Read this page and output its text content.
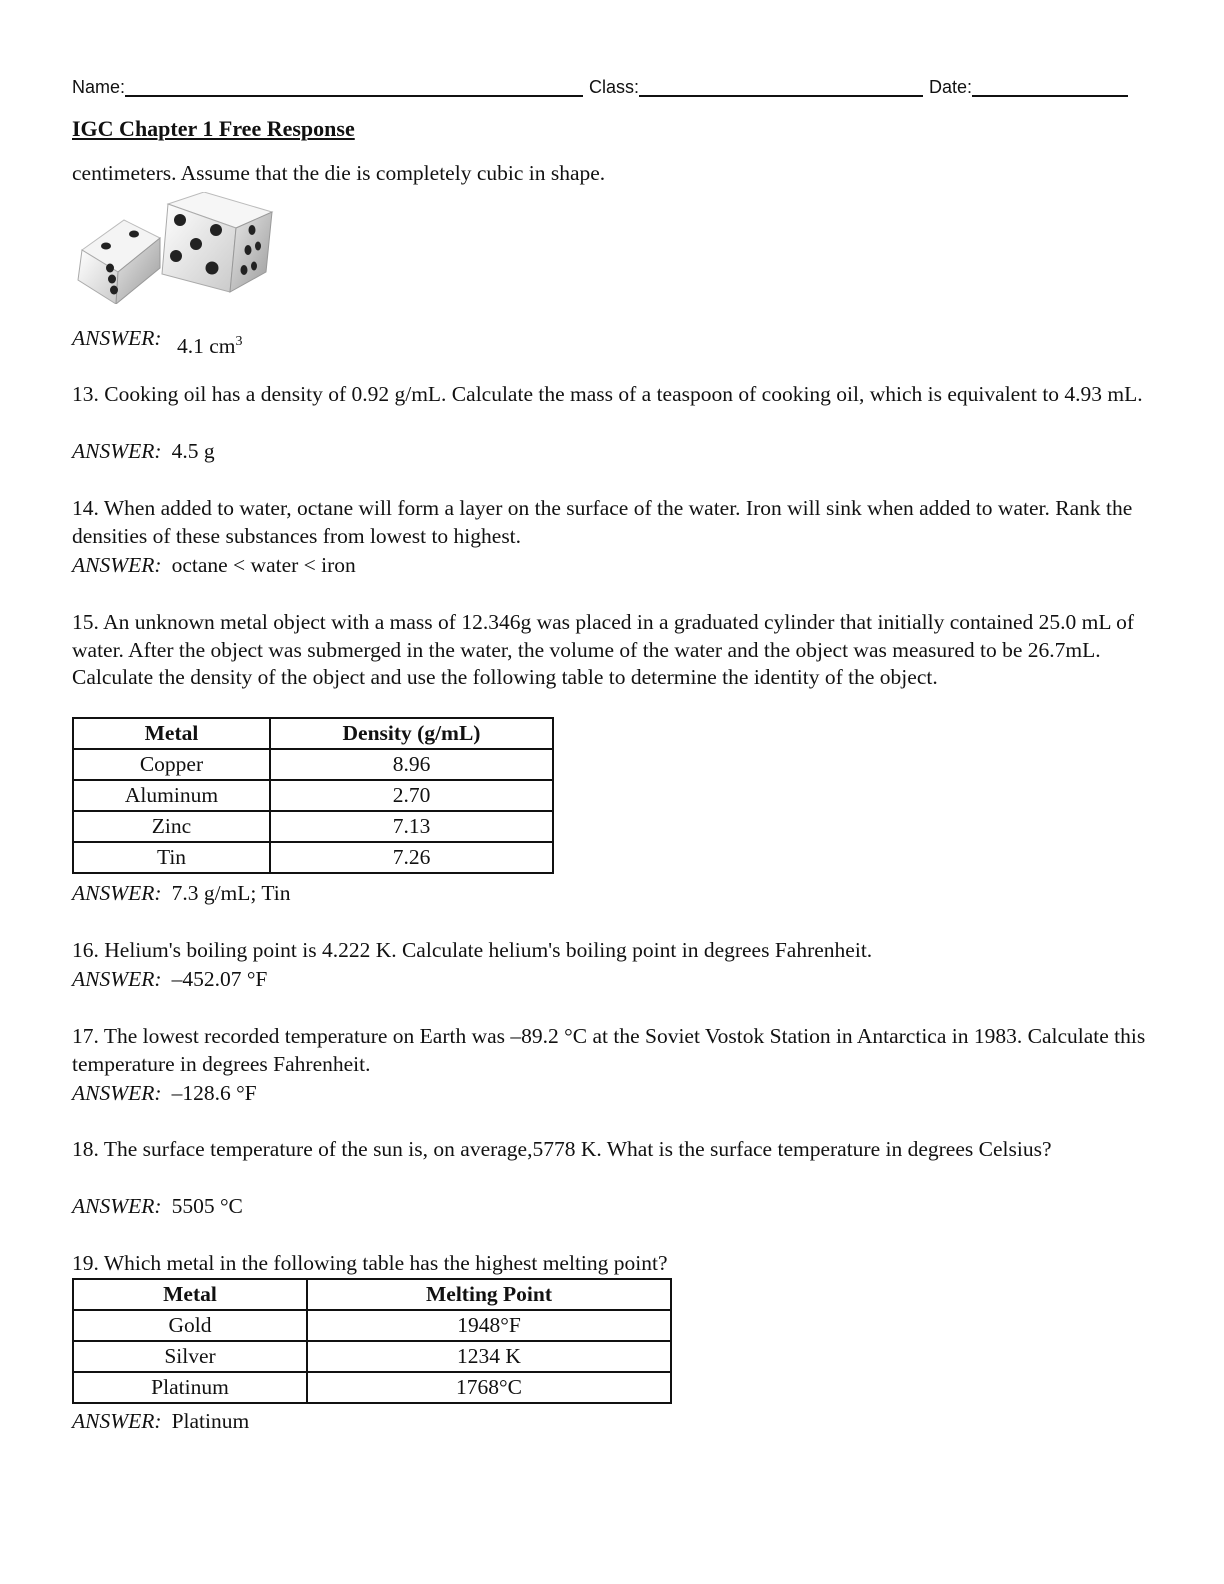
Name:	Class:	Date:
IGC Chapter 1 Free Response
centimeters. Assume that the die is completely cubic in shape.
ANSWER: 4.1 $cm^3$
13. Cooking oil has a density of 0.92 g/mL. Calculate the mass of a teaspoon of cooking oil, which is equivalent to 4.93 mL.
ANSWER: 4.5 g
14. When added to water, octane will form a layer on the surface of the water. Iron will sink when added to water. Rank the densities of these substances from lowest to highest.
ANSWER: octane < water < iron
15. An unknown metal object with a mass of 12.346g was placed in a graduated cylinder that initially contained 25.0 mL of water. After the object was submerged in the water, the volume of the water and the object was measured to be 26.7mL. Calculate the density of the object and use the following table to determine the identity of the object.
Metal	Density (g/mL)
Copper	8.96
Aluminum	2.70
Zinc	7.13
Tin	7.26
ANSWER: 7.3 g/mL; Tin
16. Helium's boiling point is 4.222 K. Calculate helium's boiling point in degrees Fahrenheit.
ANSWER: –452.07 °F
17. The lowest recorded temperature on Earth was –89.2 °C at the Soviet Vostok Station in Antarctica in 1983. Calculate this temperature in degrees Fahrenheit.
ANSWER: –128.6 °F
18. The surface temperature of the sun is, on average,5778 K. What is the surface temperature in degrees Celsius?
ANSWER: 5505 °C
19. Which metal in the following table has the highest melting point?
Metal	Melting Point
Gold	1948°F
Silver	1234 K
Platinum	1768°C
ANSWER: Platinum
